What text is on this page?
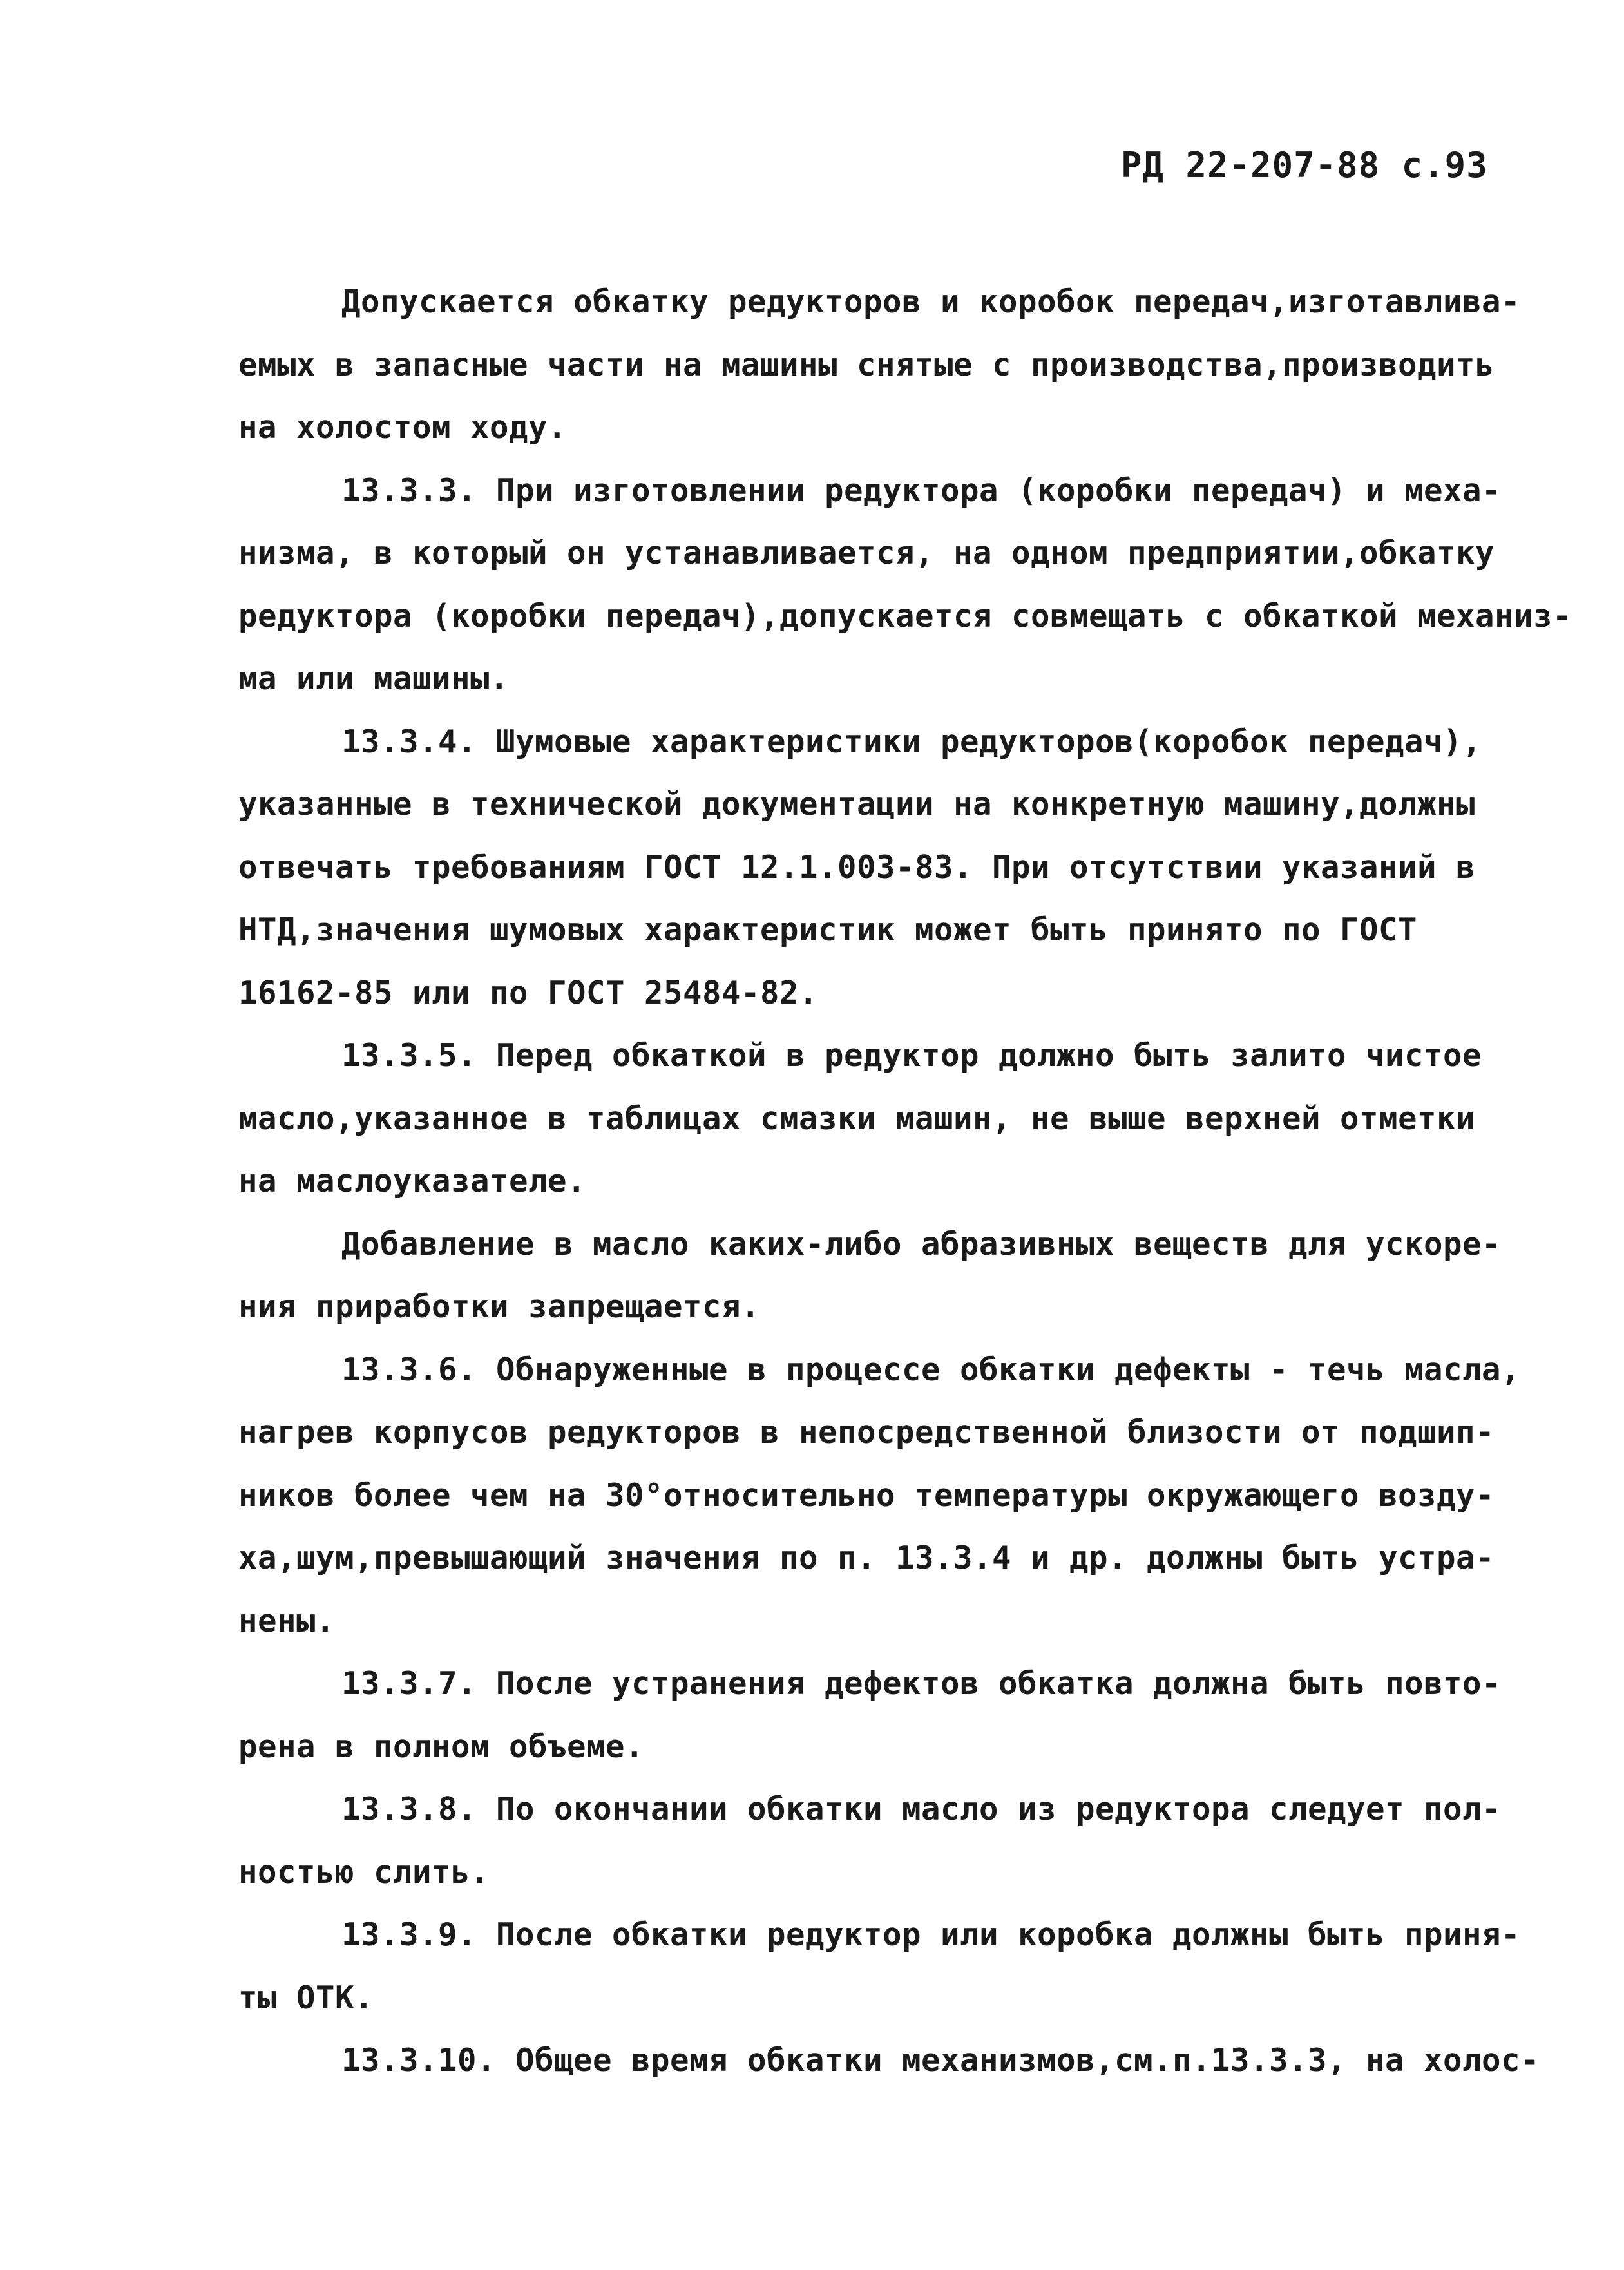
РД 22-207-88 с.93
Допускается обкатку редукторов и коробок передач,изготавлива-
емых в запасные части на машины снятые с производства,производить
на холостом ходу.
13.3.3. При изготовлении редуктора (коробки передач) и меха-
низма, в который он устанавливается, на одном предприятии,обкатку
редуктора (коробки передач),допускается совмещать с обкаткой механиз-
ма или машины.
13.3.4. Шумовые характеристики редукторов(коробок передач),
указанные в технической документации на конкретную машину,должны
отвечать требованиям ГОСТ 12.1.003-83. При отсутствии указаний в
НТД,значения шумовых характеристик может быть принято по ГОСТ
16162-85 или по ГОСТ 25484-82.
13.3.5. Перед обкаткой в редуктор должно быть залито чистое
масло,указанное в таблицах смазки машин, не выше верхней отметки
на маслоуказателе.
Добавление в масло каких-либо абразивных веществ для ускоре-
ния приработки запрещается.
13.3.6. Обнаруженные в процессе обкатки дефекты - течь масла,
нагрев корпусов редукторов в непосредственной близости от подшип-
ников более чем на 30°относительно температуры окружающего возду-
ха,шум,превышающий значения по п. 13.3.4 и др. должны быть устра-
нены.
13.3.7. После устранения дефектов обкатка должна быть повто-
рена в полном объеме.
13.3.8. По окончании обкатки масло из редуктора следует пол-
ностью слить.
13.3.9. После обкатки редуктор или коробка должны быть приня-
ты ОТК.
13.3.10. Общее время обкатки механизмов,см.п.13.3.3, на холос-
